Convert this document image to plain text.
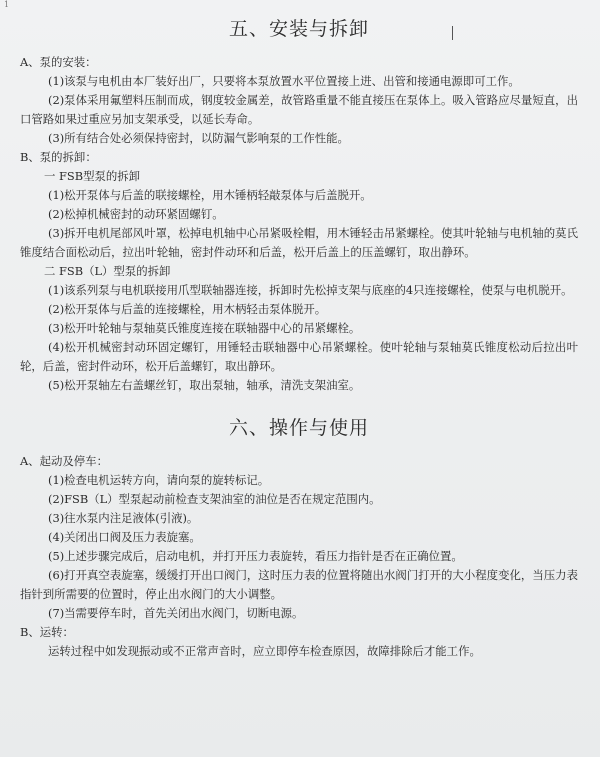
1
五、安装与拆卸

A、泵的安装：

(1)该泵与电机由本厂装好出厂，只要将本泵放置水平位置接上进、出管和接通电源即可工作。

(2)泵体采用氟塑料压制而成，钢度较金属差，故管路重量不能直接压在泵体上。吸入管路应尽量短直，出口管路如果过重应另加支架承受，以延长寿命。

(3)所有结合处必须保持密封，以防漏气影响泵的工作性能。

B、泵的拆卸：

一 FSB型泵的拆卸

(1)松开泵体与后盖的联接螺栓，用木锤柄轻敲泵体与后盖脱开。

(2)松掉机械密封的动环紧固螺钉。

(3)拆开电机尾部风叶罩，松掉电机轴中心吊紧吸栓帽，用木锤轻击吊紧螺栓。使其叶轮轴与电机轴的莫氏锥度结合面松动后，拉出叶轮轴，密封件动环和后盖，松开后盖上的压盖螺钉，取出静环。

二 FSB（L）型泵的拆卸

(1)该系列泵与电机联接用爪型联轴器连接，拆卸时先松掉支架与底座的4只连接螺栓，使泵与电机脱开。

(2)松开泵体与后盖的连接螺栓，用木柄轻击泵体脱开。

(3)松开叶轮轴与泵轴莫氏锥度连接在联轴器中心的吊紧螺栓。

(4)松开机械密封动环固定螺钉，用锤轻击联轴器中心吊紧螺栓。使叶轮轴与泵轴莫氏锥度松动后拉出叶轮，后盖，密封件动环，松开后盖螺钉，取出静环。

(5)松开泵轴左右盖螺丝钉，取出泵轴，轴承，清洗支架油室。

六、操作与使用

A、起动及停车：

(1)检查电机运转方向，请向泵的旋转标记。

(2)FSB（L）型泵起动前检查支架油室的油位是否在规定范围内。

(3)往水泵内注足液体(引液)。

(4)关闭出口阀及压力表旋塞。

(5)上述步骤完成后，启动电机，并打开压力表旋转，看压力指针是否在正确位置。

(6)打开真空表旋塞，缓缓打开出口阀门，这时压力表的位置将随出水阀门打开的大小程度变化，当压力表指针到所需要的位置时，停止出水阀门的大小调整。

(7)当需要停车时，首先关闭出水阀门，切断电源。

B、运转：

运转过程中如发现振动或不正常声音时，应立即停车检查原因，故障排除后才能工作。
